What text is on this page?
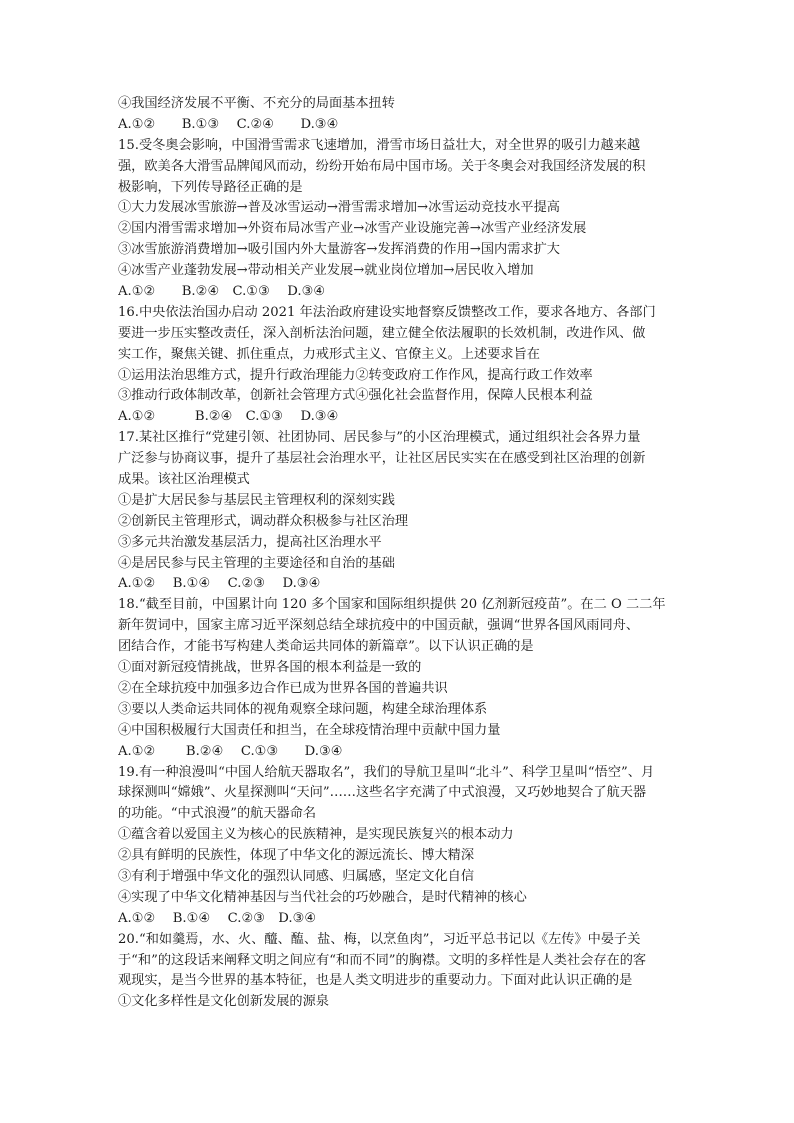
④我国经济发展不平衡、不充分的局面基本扭转
A.①②　　B.①③　 C.②④　　D.③④
15.受冬奥会影响，中国滑雪需求飞速增加，滑雪市场日益壮大，对全世界的吸引力越来越
强，欧美各大滑雪品牌闻风而动，纷纷开始布局中国市场。关于冬奥会对我国经济发展的积
极影响，下列传导路径正确的是
①大力发展冰雪旅游→普及冰雪运动→滑雪需求增加→冰雪运动竞技水平提高
②国内滑雪需求增加→外资布局冰雪产业→冰雪产业设施完善→冰雪产业经济发展
③冰雪旅游消费增加→吸引国内外大量游客→发挥消费的作用→国内需求扩大
④冰雪产业蓬勃发展→带动相关产业发展→就业岗位增加→居民收入增加
A.①②　　B.②④　C.①③　 D.③④
16.中央依法治国办启动 2021 年法治政府建设实地督察反馈整改工作，要求各地方、各部门
要进一步压实整改责任，深入剖析法治问题，建立健全依法履职的长效机制，改进作风、做
实工作，聚焦关键、抓住重点，力戒形式主义、官僚主义。上述要求旨在
①运用法治思维方式，提升行政治理能力②转变政府工作作风，提高行政工作效率
③推动行政体制改革，创新社会管理方式④强化社会监督作用，保障人民根本利益
A.①②　　　B.②④　C.①③　 D.③④
17.某社区推行“党建引领、社团协同、居民参与”的小区治理模式，通过组织社会各界力量
广泛参与协商议事，提升了基层社会治理水平，让社区居民实实在在感受到社区治理的创新
成果。该社区治理模式
①是扩大居民参与基层民主管理权利的深刻实践
②创新民主管理形式，调动群众积极参与社区治理
③多元共治激发基层活力，提高社区治理水平
④是居民参与民主管理的主要途径和自治的基础
A.①②　 B.①④　 C.②③　 D.③④
18.“截至目前，中国累计向 120 多个国家和国际组织提供 20 亿剂新冠疫苗”。在二 O 二二年
新年贺词中，国家主席习近平深刻总结全球抗疫中的中国贡献，强调“世界各国风雨同舟、
团结合作，才能书写构建人类命运共同体的新篇章”。以下认识正确的是
①面对新冠疫情挑战，世界各国的根本利益是一致的
②在全球抗疫中加强多边合作已成为世界各国的普遍共识
③要以人类命运共同体的视角观察全球问题，构建全球治理体系
④中国积极履行大国责任和担当，在全球疫情治理中贡献中国力量
A.①②　　 B.②④　 C.①③　　D.③④
19.有一种浪漫叫“中国人给航天器取名”，我们的导航卫星叫“北斗”、科学卫星叫“悟空”、月
球探测叫“嫦娥”、火星探测叫“天问”……这些名字充满了中式浪漫，又巧妙地契合了航天器
的功能。“中式浪漫”的航天器命名
①蕴含着以爱国主义为核心的民族精神，是实现民族复兴的根本动力
②具有鲜明的民族性，体现了中华文化的源远流长、博大精深
③有利于增强中华文化的强烈认同感、归属感，坚定文化自信
④实现了中华文化精神基因与当代社会的巧妙融合，是时代精神的核心
A.①②　 B.①④　 C.②③　D.③④
20.“和如羹焉，水、火、醯、醢、盐、梅，以烹鱼肉”，习近平总书记以《左传》中晏子关
于“和”的这段话来阐释文明之间应有“和而不同”的胸襟。文明的多样性是人类社会存在的客
观现实，是当今世界的基本特征，也是人类文明进步的重要动力。下面对此认识正确的是
①文化多样性是文化创新发展的源泉
